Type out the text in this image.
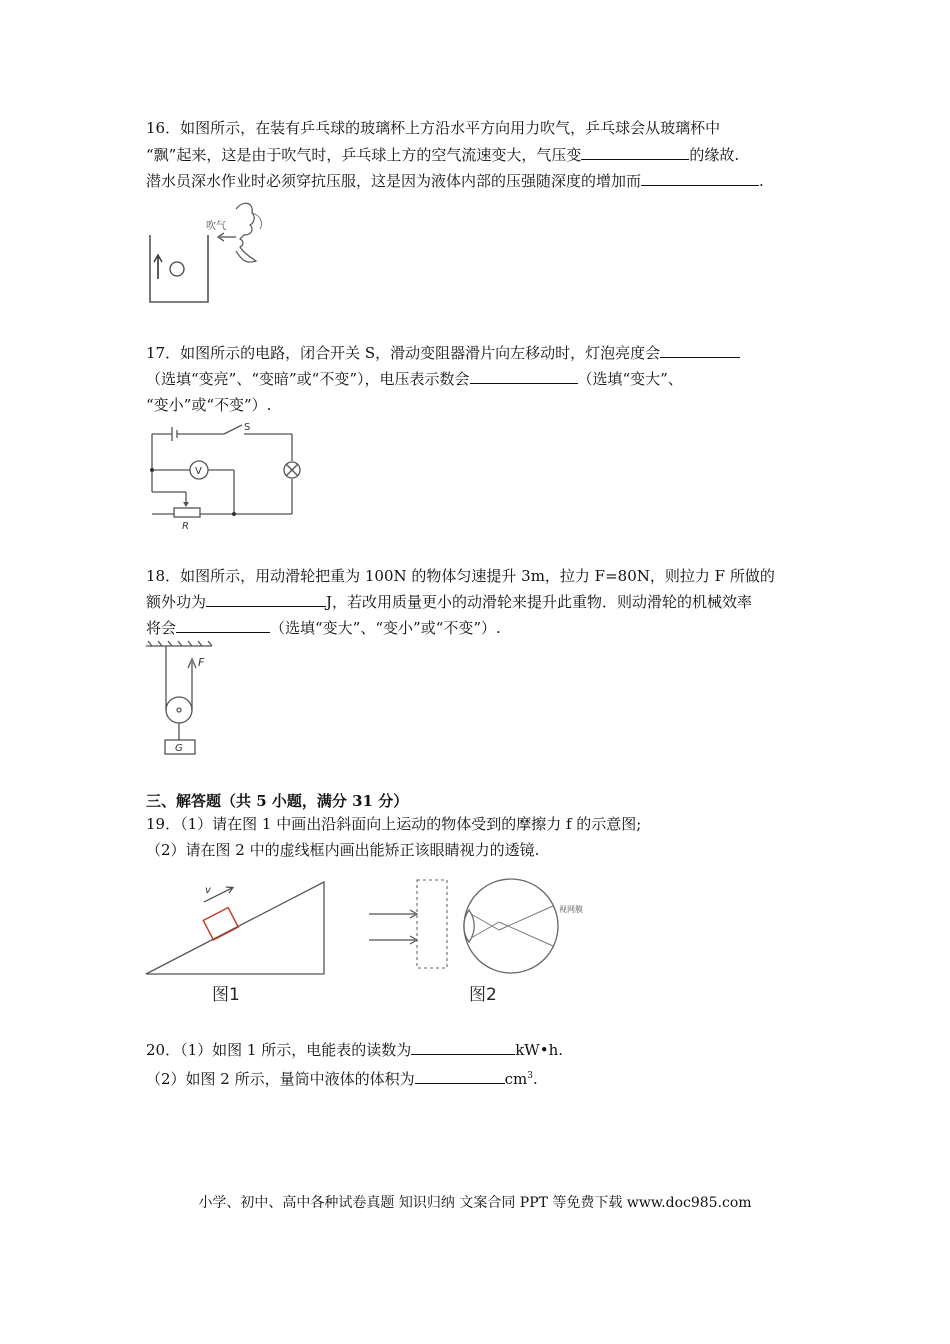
16．如图所示，在装有乒乓球的玻璃杯上方沿水平方向用力吹气，乒乓球会从玻璃杯中
“飘”起来，这是由于吹气时，乒乓球上方的空气流速变大，气压变	的缘故.
潜水员深水作业时必须穿抗压服，这是因为液体内部的压强随深度的增加而	.
吹气
17．如图所示的电路，闭合开关 S，滑动变阻器滑片向左移动时，灯泡亮度会
（选填“变亮”、“变暗”或“不变”），电压表示数会	（选填“变大”、
“变小”或“不变”）.
S
V
R
18．如图所示，用动滑轮把重为 100N 的物体匀速提升 3m，拉力 F=80N，则拉力 F 所做的
额外功为	J，若改用质量更小的动滑轮来提升此重物．则动滑轮的机械效率
将会	（选填“变大”、“变小”或“不变”）.
F
G
三、解答题（共 5 小题，满分 31 分）
19．（1）请在图 1 中画出沿斜面向上运动的物体受到的摩擦力 f 的示意图;
（2）请在图 2 中的虚线框内画出能矫正该眼睛视力的透镜.
v
图1
视网膜
图2
20．（1）如图 1 所示，电能表的读数为	kW•h.
（2）如图 2 所示，量筒中液体的体积为	$cm^3$.
小学、初中、高中各种试卷真题 知识归纳 文案合同 PPT 等免费下载 www.doc985.com
